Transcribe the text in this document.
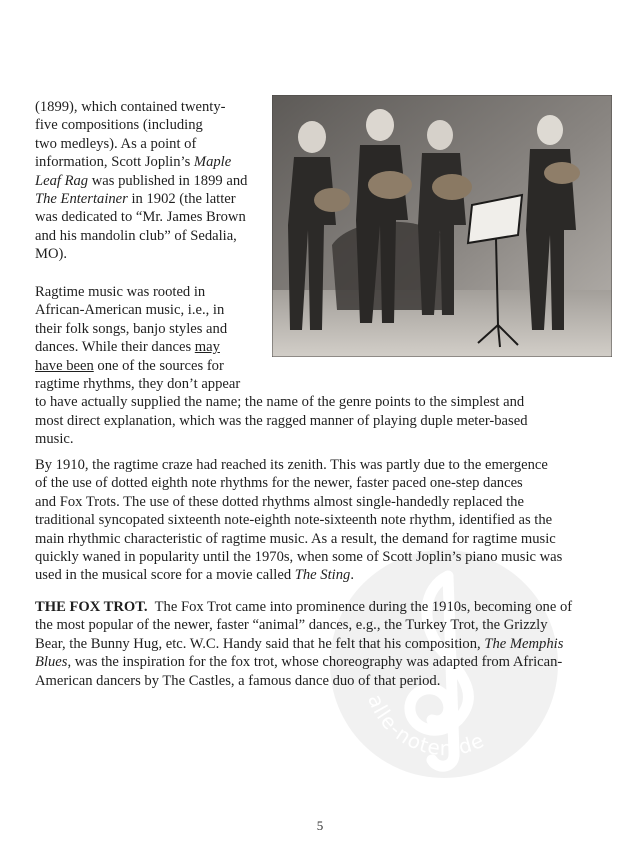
alle-noten.de

(1899), which contained twenty-
five compositions (including
two medleys). As a point of
information, Scott Joplin’s Maple
Leaf Rag was published in 1899 and
The Entertainer in 1902 (the latter
was dedicated to “Mr. James Brown
and his mandolin club” of Sedalia,
MO).

Ragtime music was rooted in
African-American music, i.e., in
their folk songs, banjo styles and
dances. While their dances may
have been one of the sources for
ragtime rhythms, they don’t appear
to have actually supplied the name; the name of the genre points to the simplest and
most direct explanation, which was the ragged manner of playing duple meter-based
music.

By 1910, the ragtime craze had reached its zenith. This was partly due to the emergence
of the use of dotted eighth note rhythms for the newer, faster paced one-step dances
and Fox Trots. The use of these dotted rhythms almost single-handedly replaced the
traditional syncopated sixteenth note-eighth note-sixteenth note rhythm, identified as the
main rhythmic characteristic of ragtime music. As a result, the demand for ragtime music
quickly waned in popularity until the 1970s, when some of Scott Joplin’s piano music was
used in the musical score for a movie called The Sting.

THE FOX TROT.  The Fox Trot came into prominence during the 1910s, becoming one of
the most popular of the newer, faster “animal” dances, e.g., the Turkey Trot, the Grizzly
Bear, the Bunny Hug, etc. W.C. Handy said that he felt that his composition, The Memphis
Blues, was the inspiration for the fox trot, whose choreography was adapted from African-
American dancers by The Castles, a famous dance duo of that period.

5
